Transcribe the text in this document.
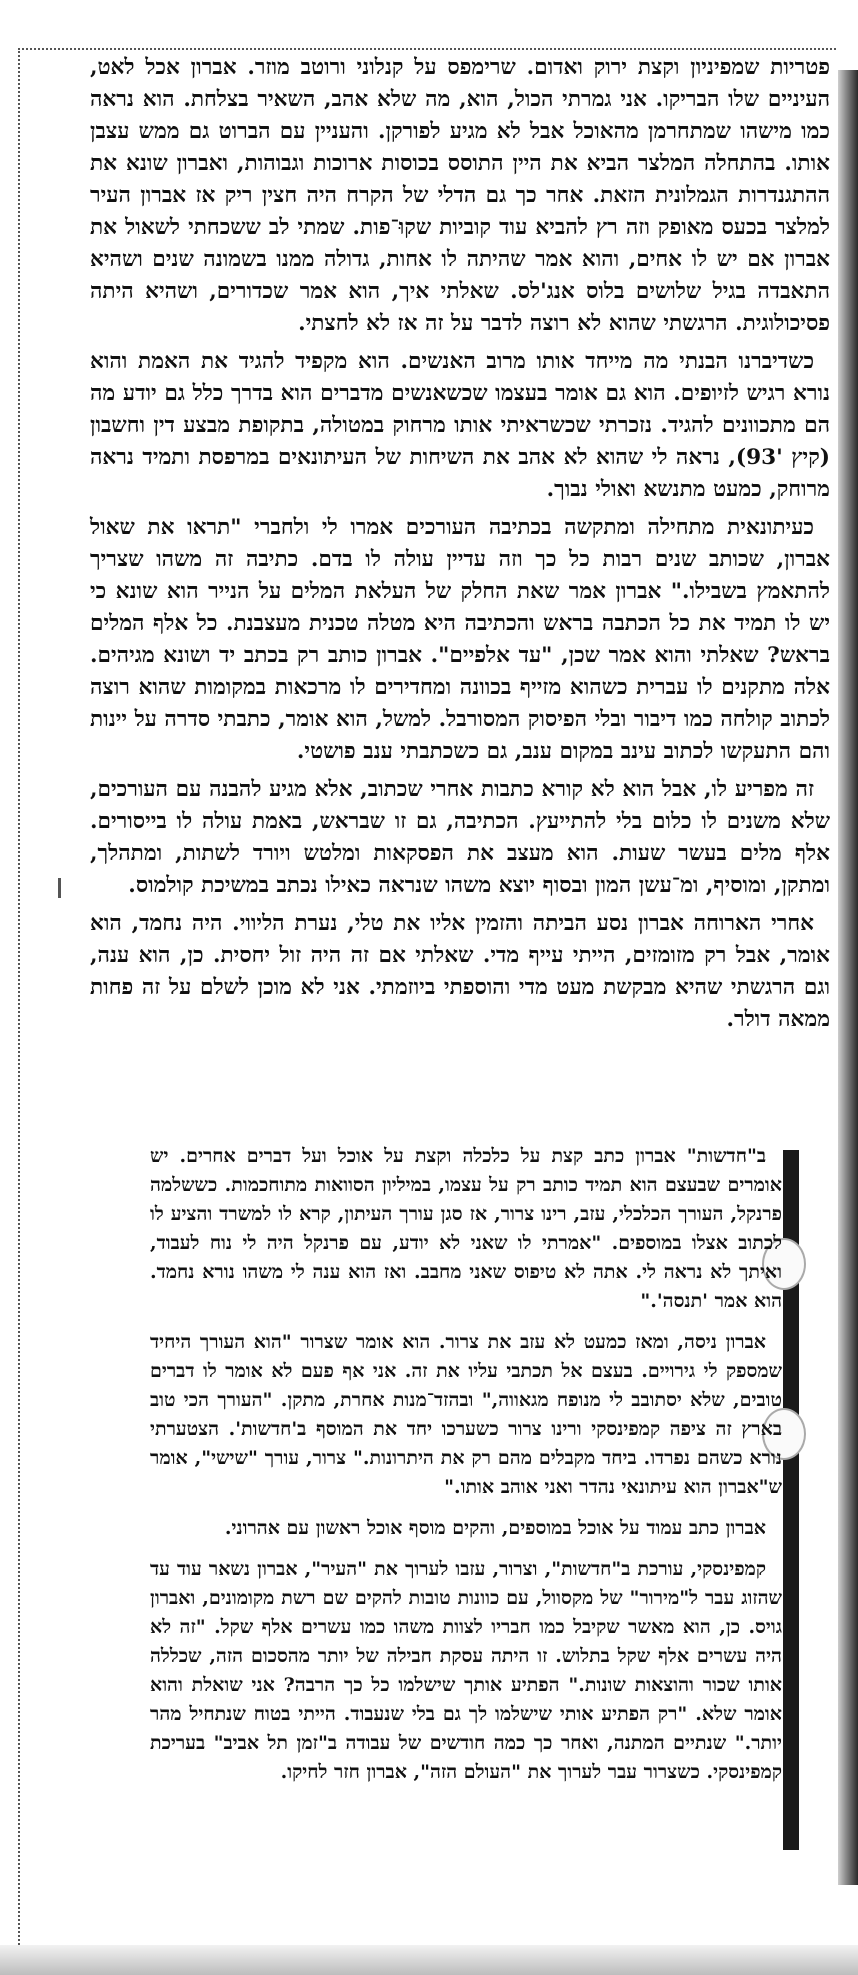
פטריות שמפיניון וקצת ירוק ואדום. שרימפס על קנלוני ורוטב מוזר. אברון אכל לאט, העיניים שלו הבריקו. אני גמרתי הכול, הוא, מה שלא אהב, השאיר בצלחת. הוא נראה כמו מישהו שמתחרמן מהאוכל אבל לא מגיע לפורקן. והעניין עם הברוט גם ממש עצבן אותו. בהתחלה המלצר הביא את היין התוסס בכוסות ארוכות וגבוהות, ואברון שונא את ההתגנדרות הגמלונית הזאת. אחר כך גם הדלי של הקרח היה חצין ריק אז אברון העיר למלצר בכעס מאופק וזה רץ להביא עוד קוביות שקוּ־פות. שמתי לב ששכחתי לשאול את אברון אם יש לו אחים, והוא אמר שהיתה לו אחות, גדולה ממנו בשמונה שנים ושהיא התאבדה בגיל שלושים בלוס אנג'לס. שאלתי איך, הוא אמר שכדורים, ושהיא היתה פסיכולוגית. הרגשתי שהוא לא רוצה לדבר על זה אז לא לחצתי.

כשדיברנו הבנתי מה מייחד אותו מרוב האנשים. הוא מקפיד להגיד את האמת והוא נורא רגיש לזיופים. הוא גם אומר בעצמו שכשאנשים מדברים הוא בדרך כלל גם יודע מה הם מתכוונים להגיד. נזכרתי שכשראיתי אותו מרחוק במטולה, בתקופת מבצע דין וחשבון (קיץ '93), נראה לי שהוא לא אהב את השיחות של העיתונאים במרפסת ותמיד נראה מרוחק, כמעט מתנשא ואולי נבוך.

כעיתונאית מתחילה ומתקשה בכתיבה העורכים אמרו לי ולחברי "תראו את שאול אברון, שכותב שנים רבות כל כך וזה עדיין עולה לו בדם. כתיבה זה משהו שצריך להתאמץ בשבילו." אברון אמר שאת החלק של העלאת המלים על הנייר הוא שונא כי יש לו תמיד את כל הכתבה בראש והכתיבה היא מטלה טכנית מעצבנת. כל אלף המלים בראש? שאלתי והוא אמר שכן, "עד אלפיים". אברון כותב רק בכתב יד ושונא מגיהים. אלה מתקנים לו עברית כשהוא מזייף בכוונה ומחדירים לו מרכאות במקומות שהוא רוצה לכתוב קולחה כמו דיבור ובלי הפיסוק המסורבל. למשל, הוא אומר, כתבתי סדרה על יינות והם התעקשו לכתוב עינב במקום ענב, גם כשכתבתי ענב פושטי.

זה מפריע לו, אבל הוא לא קורא כתבות אחרי שכתוב, אלא מגיע להבנה עם העורכים, שלא משנים לו כלום בלי להתייעץ. הכתיבה, גם זו שבראש, באמת עולה לו בייסורים. אלף מלים בעשר שעות. הוא מעצב את הפסקאות ומלטש ויורד לשתות, ומתהלך, ומתקן, ומוסיף, ומ־עשן המון ובסוף יוצא משהו שנראה כאילו נכתב במשיכת קולמוס.

אחרי הארוחה אברון נסע הביתה והזמין אליו את טלי, נערת הליווי. היה נחמד, הוא אומר, אבל רק מזומזים, הייתי עייף מדי. שאלתי אם זה היה זול יחסית. כן, הוא ענה, וגם הרגשתי שהיא מבקשת מעט מדי והוספתי ביוזמתי. אני לא מוכן לשלם על זה פחות ממאה דולר.

ב"חדשות" אברון כתב קצת על כלכלה וקצת על אוכל ועל דברים אחרים. יש אומרים שבעצם הוא תמיד כותב רק על עצמו, במיליון הסוואות מתוחכמות. כששלמה פרנקל, העורך הכלכלי, עזב, רינו צרור, אז סגן עורך העיתון, קרא לו למשרד והציע לו לכתוב אצלו במוספים. "אמרתי לו שאני לא יודע, עם פרנקל היה לי נוח לעבוד, ואיתך לא נראה לי. אתה לא טיפוס שאני מחבב. ואז הוא ענה לי משהו נורא נחמד. הוא אמר 'תנסה'."

אברון ניסה, ומאז כמעט לא עזב את צרור. הוא אומר שצרור "הוא העורך היחיד שמספק לי גירויים. בעצם אל תכתבי עליו את זה. אני אף פעם לא אומר לו דברים טובים, שלא יסתובב לי מנופח מגאווה," ובהזד־מנות אחרת, מתקן. "העורך הכי טוב בארץ זה ציפה קמפינסקי ורינו צרור כשערכו יחד את המוסף ב'חדשות'. הצטערתי נורא כשהם נפרדו. ביחד מקבלים מהם רק את היתרונות." צרור, עורך "שישי", אומר ש"אברון הוא עיתונאי נהדר ואני אוהב אותו."

אברון כתב עמוד על אוכל במוספים, והקים מוסף אוכל ראשון עם אהרוני.

קמפינסקי, עורכת ב"חדשות", וצרור, עזבו לערוך את "העיר", אברון נשאר עוד עד שהזוג עבר ל"מירור" של מקסוול, עם כוונות טובות להקים שם רשת מקומונים, ואברון גויס. כן, הוא מאשר שקיבל כמו חבריו לצוות משהו כמו עשרים אלף שקל. "זה לא היה עשרים אלף שקל בתלוש. זו היתה עסקת חבילה של יותר מהסכום הזה, שכללה אותו שכור והוצאות שונות." הפתיע אותך שישלמו כל כך הרבה? אני שואלת והוא אומר שלא. "רק הפתיע אותי שישלמו לך גם בלי שנעבוד. הייתי בטוח שנתחיל מהר יותר." שנתיים המתנה, ואחר כך כמה חודשים של עבודה ב"זמן תל אביב" בעריכת קמפינסקי. כשצרור עבר לערוך את "העולם הזה", אברון חזר לחיקו.
